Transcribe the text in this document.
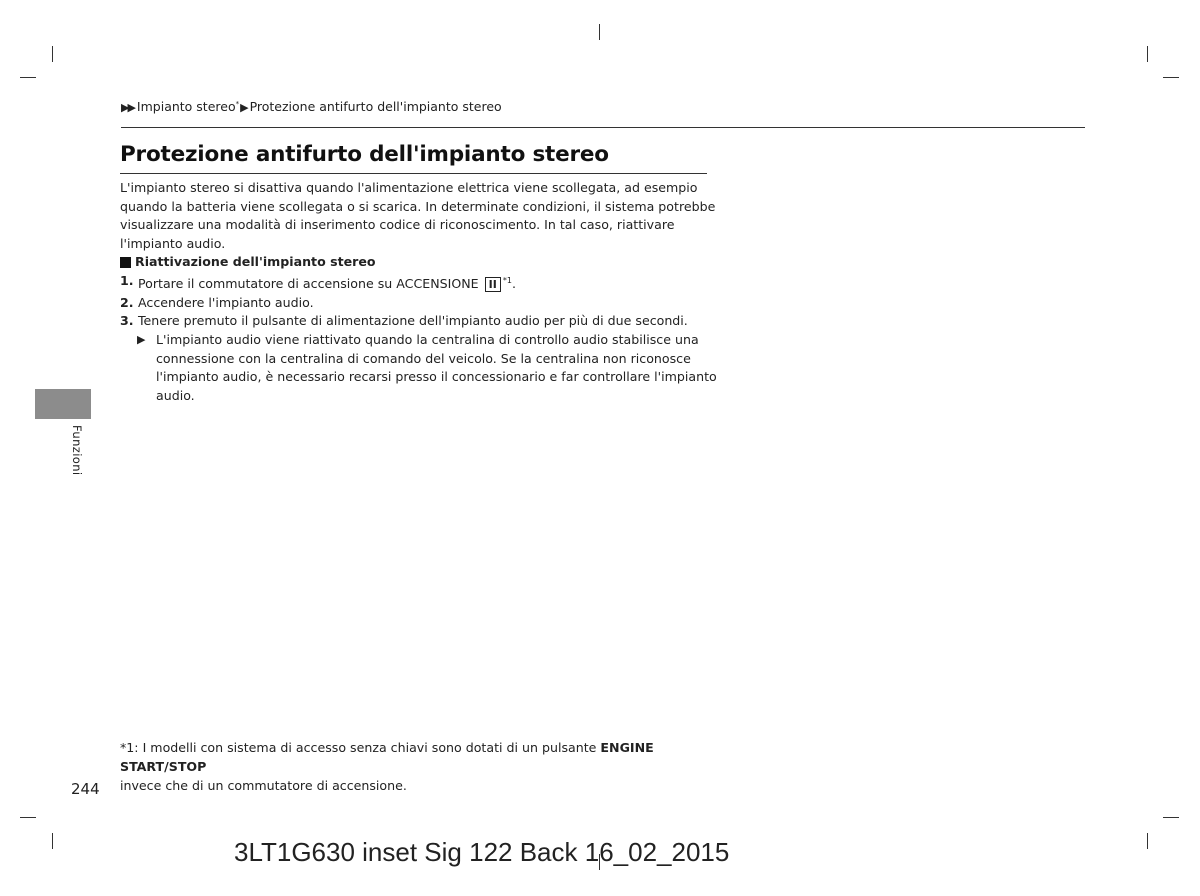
▶▶ Impianto stereo*▶Protezione antifurto dell'impianto stereo
Protezione antifurto dell'impianto stereo

L'impianto stereo si disattiva quando l'alimentazione elettrica viene scollegata, ad esempio quando la batteria viene scollegata o si scarica. In determinate condizioni, il sistema potrebbe visualizzare una modalità di inserimento codice di riconoscimento. In tal caso, riattivare l'impianto audio.

Riattivazione dell'impianto stereo
1. Portare il commutatore di accensione su ACCENSIONE II $^{*1}$.
2. Accendere l'impianto audio.
3. Tenere premuto il pulsante di alimentazione dell'impianto audio per più di due secondi.
▶ L'impianto audio viene riattivato quando la centralina di controllo audio stabilisce una connessione con la centralina di comando del veicolo. Se la centralina non riconosce l'impianto audio, è necessario recarsi presso il concessionario e far controllare l'impianto audio.
Funzioni
*1: I modelli con sistema di accesso senza chiavi sono dotati di un pulsante ENGINE START/STOP
invece che di un commutatore di accensione.
244
3LT1G630 inset Sig 122 Back 16_02_2015
